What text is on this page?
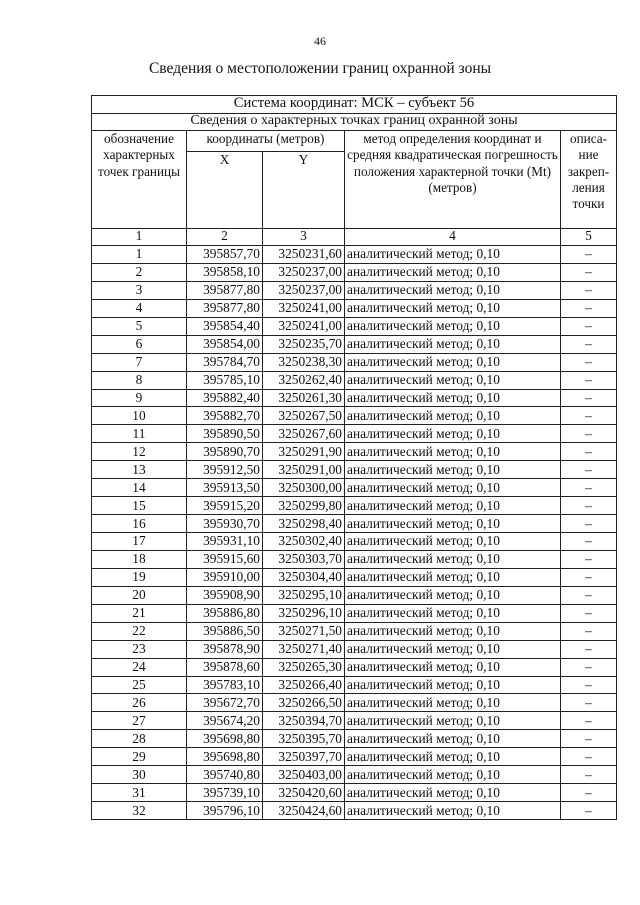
46
Сведения о местоположении границ охранной зоны
Система координат: МСК – субъект 56				
Сведения о характерных точках границ охранной зоны				
обозначение характерных точек границы	координаты (метров)		метод определения координат и средняя квадратическая погрешность положения характерной точки (Mt) (метров)	описа-ние закреп-ления точки
	X	Y		
1	2	3	4	5
1	395857,70	3250231,60	аналитический метод; 0,10	–
2	395858,10	3250237,00	аналитический метод; 0,10	–
3	395877,80	3250237,00	аналитический метод; 0,10	–
4	395877,80	3250241,00	аналитический метод; 0,10	–
5	395854,40	3250241,00	аналитический метод; 0,10	–
6	395854,00	3250235,70	аналитический метод; 0,10	–
7	395784,70	3250238,30	аналитический метод; 0,10	–
8	395785,10	3250262,40	аналитический метод; 0,10	–
9	395882,40	3250261,30	аналитический метод; 0,10	–
10	395882,70	3250267,50	аналитический метод; 0,10	–
11	395890,50	3250267,60	аналитический метод; 0,10	–
12	395890,70	3250291,90	аналитический метод; 0,10	–
13	395912,50	3250291,00	аналитический метод; 0,10	–
14	395913,50	3250300,00	аналитический метод; 0,10	–
15	395915,20	3250299,80	аналитический метод; 0,10	–
16	395930,70	3250298,40	аналитический метод; 0,10	–
17	395931,10	3250302,40	аналитический метод; 0,10	–
18	395915,60	3250303,70	аналитический метод; 0,10	–
19	395910,00	3250304,40	аналитический метод; 0,10	–
20	395908,90	3250295,10	аналитический метод; 0,10	–
21	395886,80	3250296,10	аналитический метод; 0,10	–
22	395886,50	3250271,50	аналитический метод; 0,10	–
23	395878,90	3250271,40	аналитический метод; 0,10	–
24	395878,60	3250265,30	аналитический метод; 0,10	–
25	395783,10	3250266,40	аналитический метод; 0,10	–
26	395672,70	3250266,50	аналитический метод; 0,10	–
27	395674,20	3250394,70	аналитический метод; 0,10	–
28	395698,80	3250395,70	аналитический метод; 0,10	–
29	395698,80	3250397,70	аналитический метод; 0,10	–
30	395740,80	3250403,00	аналитический метод; 0,10	–
31	395739,10	3250420,60	аналитический метод; 0,10	–
32	395796,10	3250424,60	аналитический метод; 0,10	–
